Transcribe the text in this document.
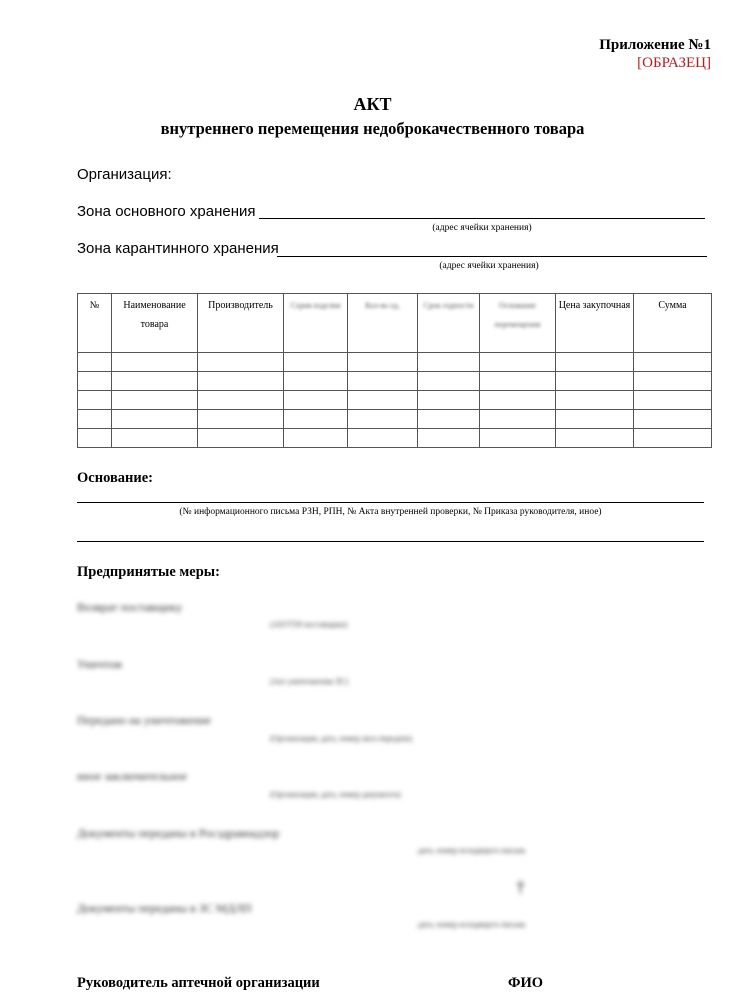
Приложение №1
[ОБРАЗЕЦ]
АКТ
внутреннего перемещения недоброкачественного товара
Организация:
Зона основного хранения
(адрес ячейки хранения)
Зона карантинного хранения
(адрес ячейки хранения)
№	Наименование товара	Производитель	Серия изделия	Кол-во ед.	Срок годности	Основание перемещения	Цена закупочная	Сумма

Основание:
(№ информационного письма РЗН, РПН, № Акта внутренней проверки, № Приказа руководителя, иное)
Предпринятые меры:
Возврат поставщику
(АП/ТТН поставщика)
Уничтож
(Акт уничтожения ЛС)
Передано на уничтожение
(Организация, дата, номер акта передачи)
иное заключительное
(Организация, дата, номер документа)
Документы переданы в Росздравнадзор
дата, номер исходящего письма
†
Документы переданы в ЗС МДЛП
дата, номер исходящего письма
Руководитель аптечной организации	ФИО
